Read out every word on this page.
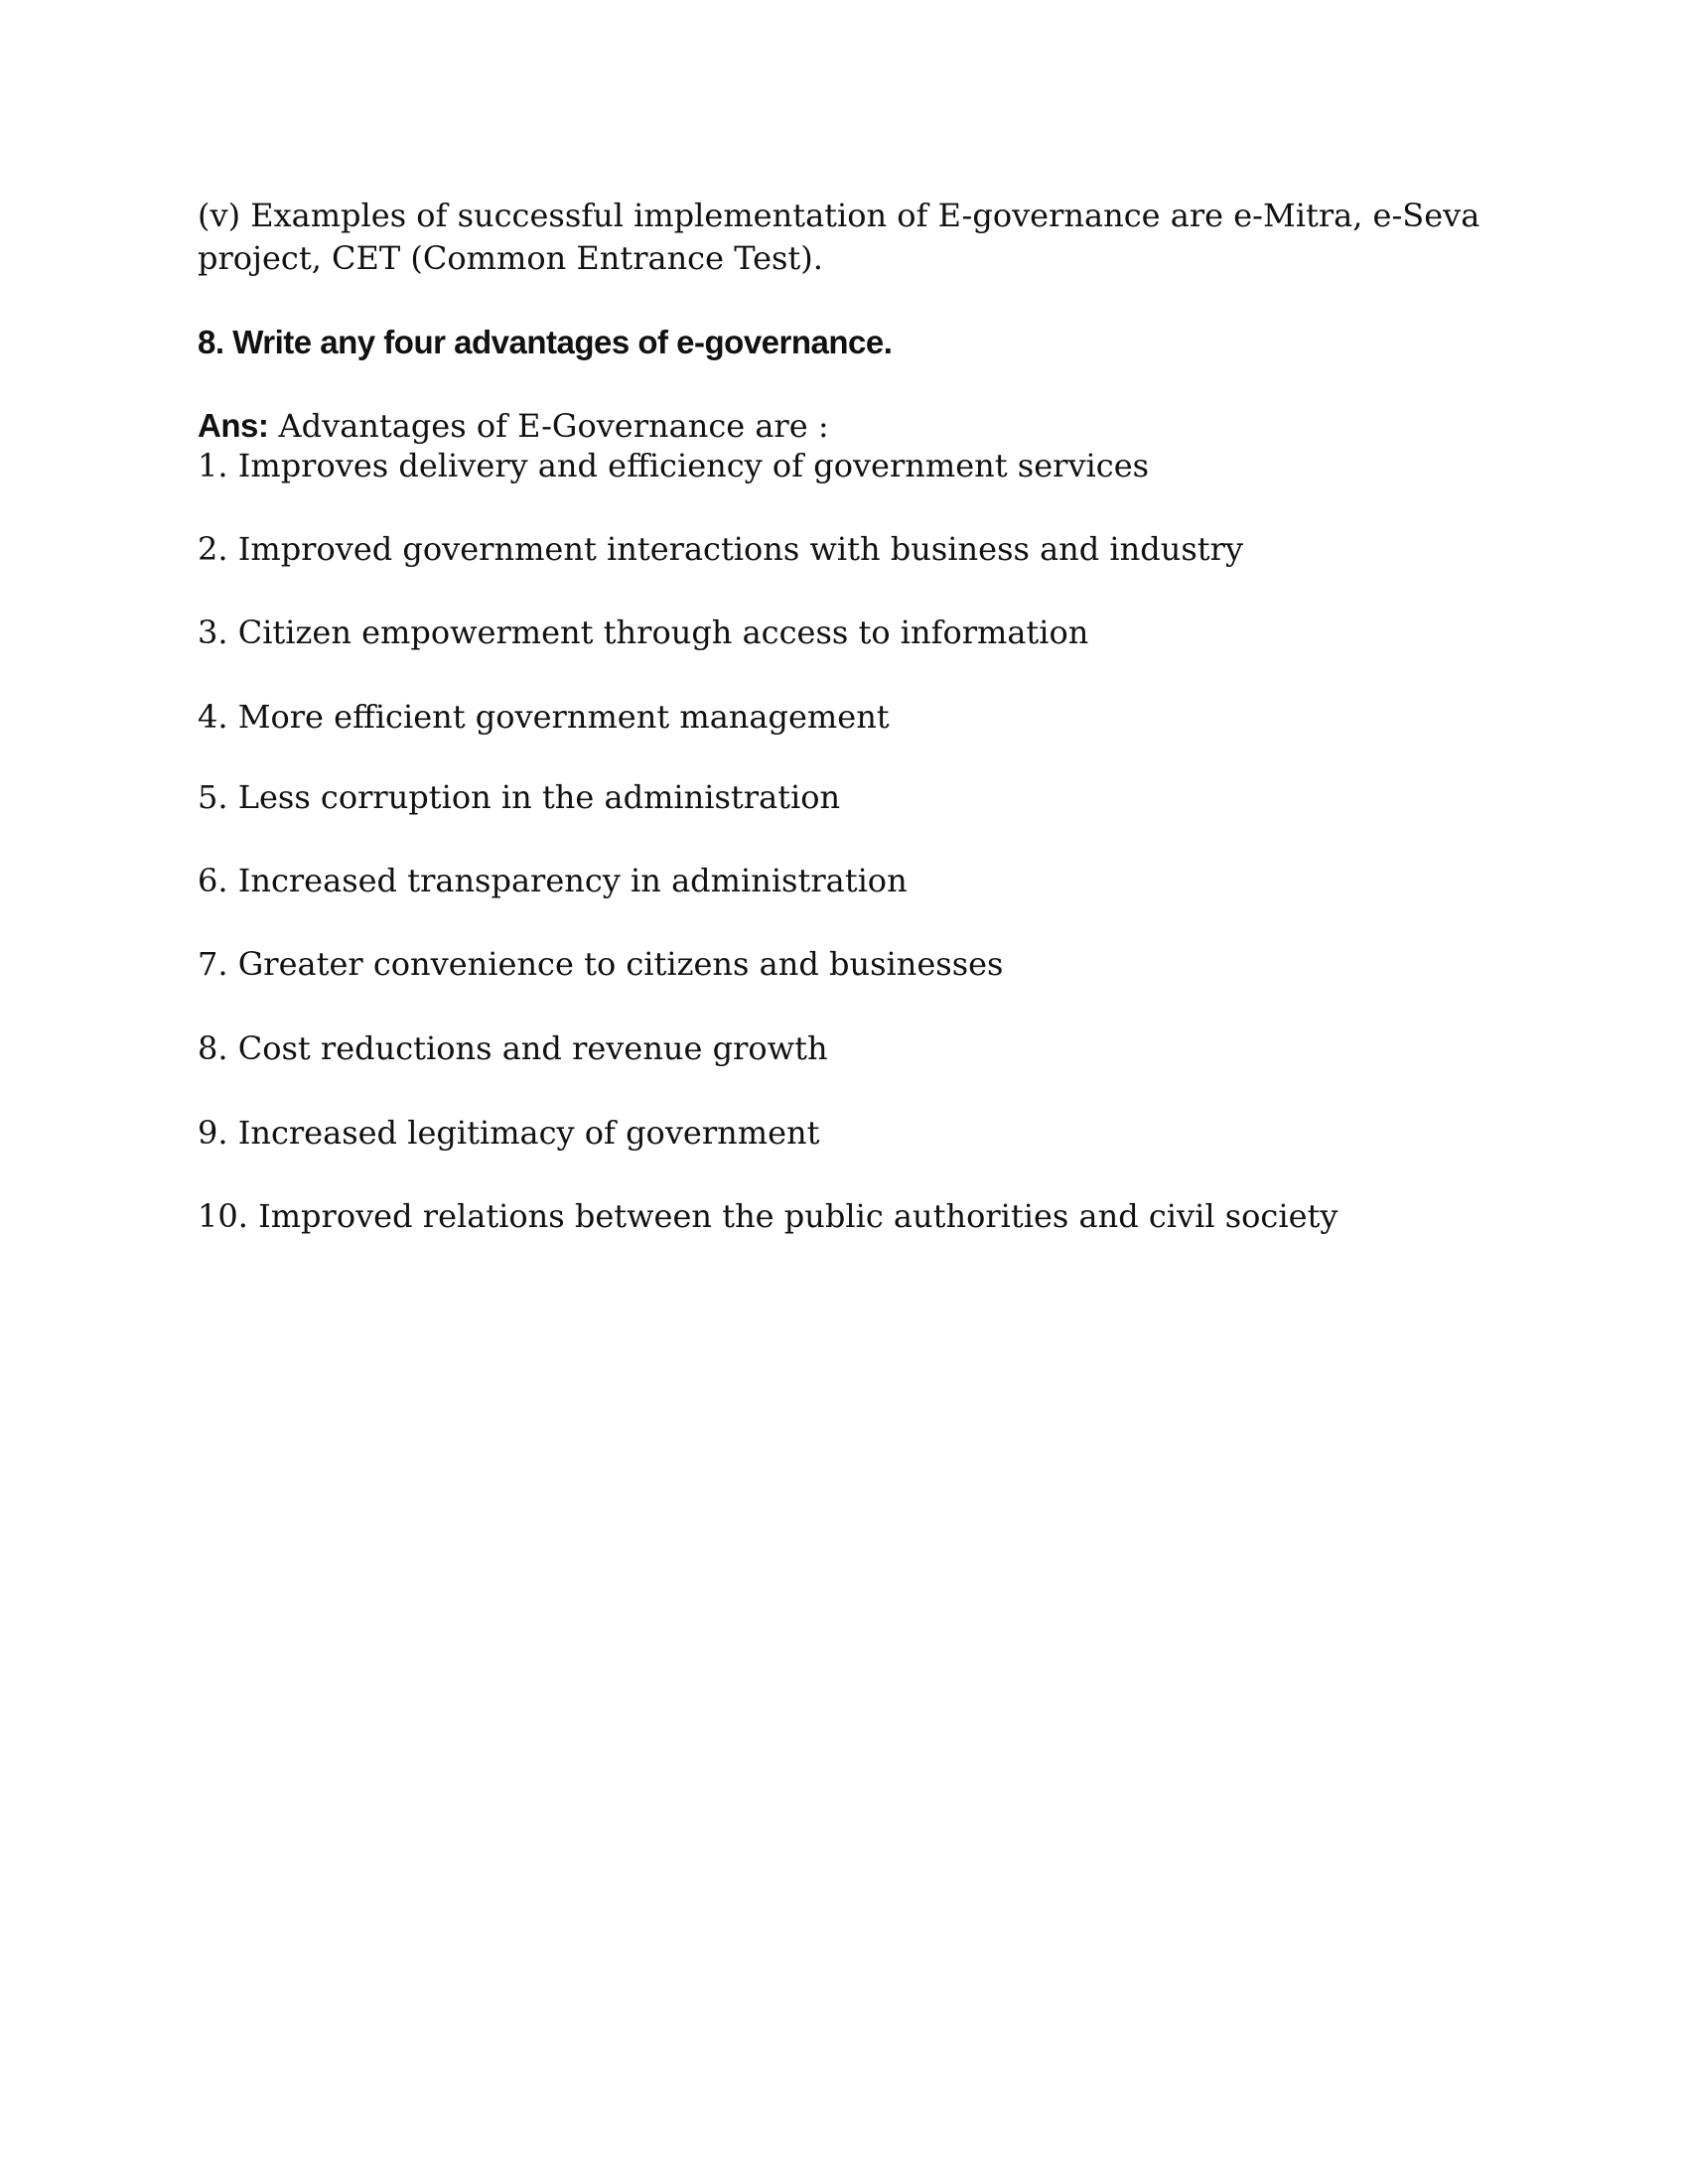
(v) Examples of successful implementation of E-governance are e-Mitra, e-Seva project, CET (Common Entrance Test).

8. Write any four advantages of e-governance.

Ans: Advantages of E-Governance are :

1. Improves delivery and efficiency of government services
2. Improved government interactions with business and industry
3. Citizen empowerment through access to information
4. More efficient government management
5. Less corruption in the administration
6. Increased transparency in administration
7. Greater convenience to citizens and businesses
8. Cost reductions and revenue growth
9. Increased legitimacy of government
10. Improved relations between the public authorities and civil society
